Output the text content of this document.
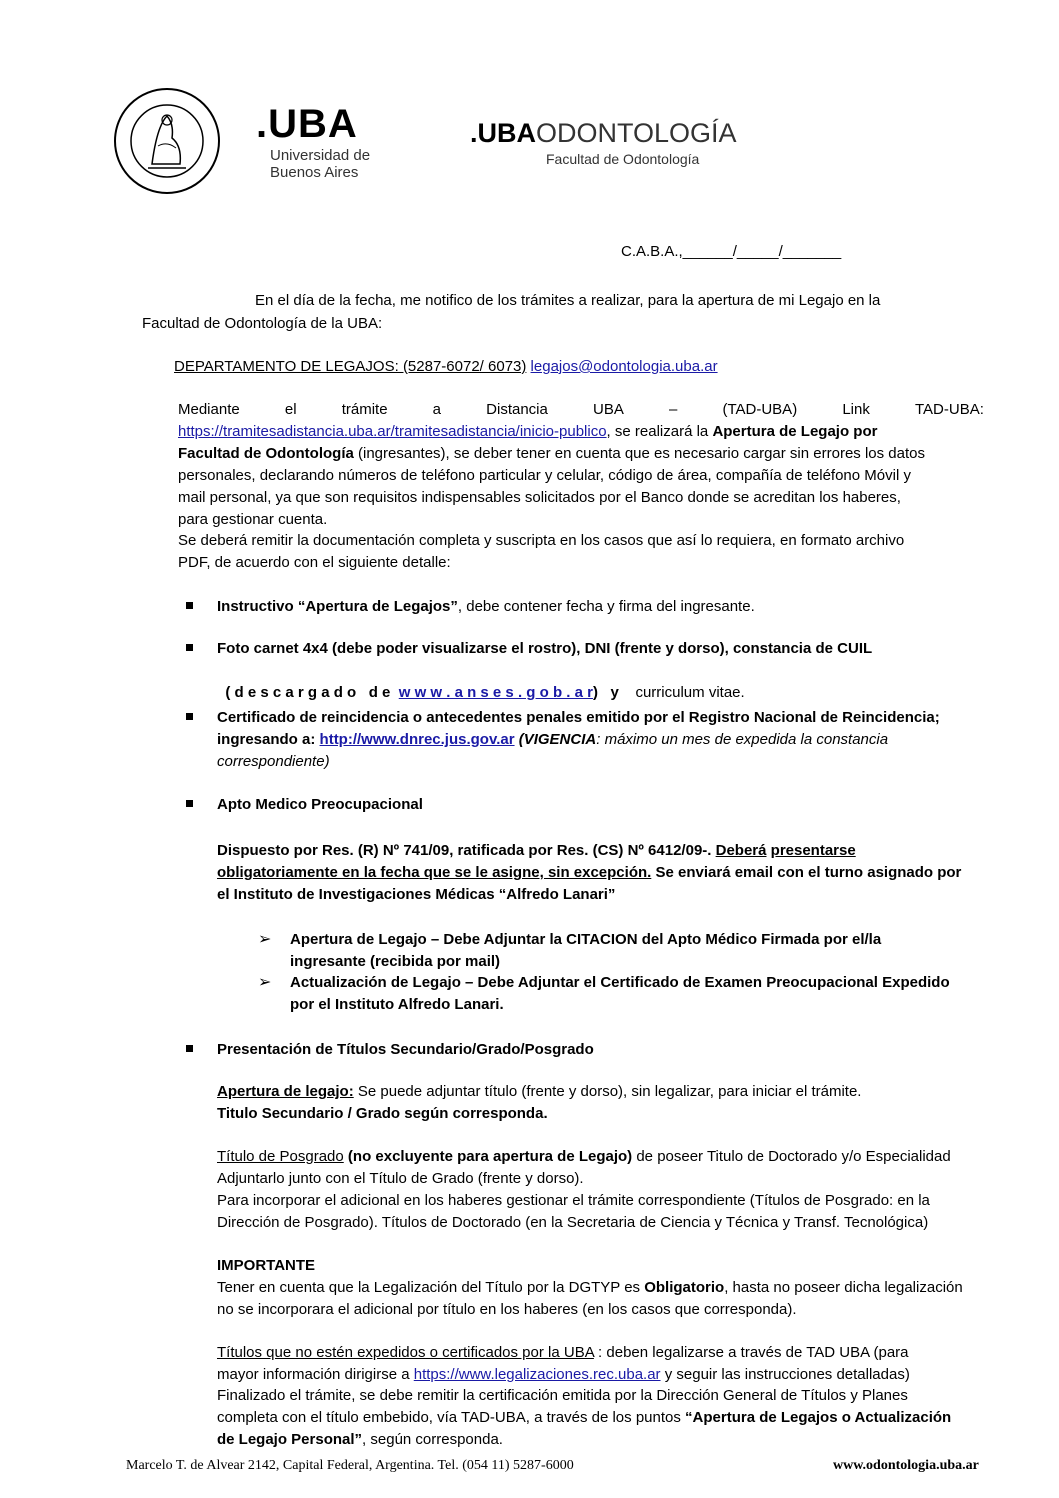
.UBA
Universidad de
Buenos Aires
.UBAODONTOLOGÍA
Facultad de Odontología
C.A.B.A.,______/_____/_______
En el día de la fecha, me notifico de los trámites a realizar, para la apertura de mi Legajo en la
Facultad de Odontología de la UBA:
DEPARTAMENTO DE LEGAJOS: (5287-6072/ 6073) legajos@odontologia.uba.ar
Mediante	el	trámite	a	Distancia	UBA	–	(TAD-UBA)	Link	TAD-UBA:
https://tramitesadistancia.uba.ar/tramitesadistancia/inicio-publico, se realizará la Apertura de Legajo por
Facultad de Odontología (ingresantes), se deber tener en cuenta que es necesario cargar sin errores los datos
personales, declarando números de teléfono particular y celular, código de área, compañía de teléfono Móvil y
mail personal, ya que son requisitos indispensables solicitados por el Banco donde se acreditan los haberes,
para gestionar cuenta.
Se deberá remitir la documentación completa y suscripta en los casos que así lo requiera, en formato archivo
PDF, de acuerdo con el siguiente detalle:
Instructivo “Apertura de Legajos”, debe contener fecha y firma del ingresante.
Foto carnet 4x4 (debe poder visualizarse el rostro), DNI (frente y dorso), constancia de CUIL

( d e s c a r g a d o   d e w w w . a n s e s . g o b . a r)   y curriculum vitae.

Certificado de reincidencia o antecedentes penales emitido por el Registro Nacional de Reincidencia;
ingresando a: http://www.dnrec.jus.gov.ar (VIGENCIA: máximo un mes de expedida la constancia
correspondiente)
Apto Medico Preocupacional
Dispuesto por Res. (R) Nº 741/09, ratificada por Res. (CS) Nº 6412/09-. Deberá presentarse
obligatoriamente en la fecha que se le asigne, sin excepción. Se enviará email con el turno asignado por
el Instituto de Investigaciones Médicas “Alfredo Lanari”
➢ Apertura de Legajo – Debe Adjuntar la CITACION del Apto Médico Firmada por el/la
ingresante (recibida por mail)
➢ Actualización de Legajo – Debe Adjuntar el Certificado de Examen Preocupacional Expedido
por el Instituto Alfredo Lanari.
Presentación de Títulos Secundario/Grado/Posgrado
Apertura de legajo: Se puede adjuntar título (frente y dorso), sin legalizar, para iniciar el trámite.
Titulo Secundario / Grado según corresponda.
Título de Posgrado (no excluyente para apertura de Legajo) de poseer Titulo de Doctorado y/o Especialidad
Adjuntarlo junto con el Título de Grado (frente y dorso).
Para incorporar el adicional en los haberes gestionar el trámite correspondiente (Títulos de Posgrado: en la
Dirección de Posgrado). Títulos de Doctorado (en la Secretaria de Ciencia y Técnica y Transf. Tecnológica)
IMPORTANTE
Tener en cuenta que la Legalización del Título por la DGTYP es Obligatorio, hasta no poseer dicha legalización
no se incorporara el adicional por título en los haberes (en los casos que corresponda).
Títulos que no estén expedidos o certificados por la UBA : deben legalizarse a través de TAD UBA (para
mayor información dirigirse a https://www.legalizaciones.rec.uba.ar y seguir las instrucciones detalladas)
Finalizado el trámite, se debe remitir la certificación emitida por la Dirección General de Títulos y Planes
completa con el título embebido, vía TAD-UBA, a través de los puntos “Apertura de Legajos o Actualización
de Legajo Personal”, según corresponda.
Marcelo T. de Alvear 2142, Capital Federal, Argentina. Tel. (054 11) 5287-6000	www.odontologia.uba.ar
